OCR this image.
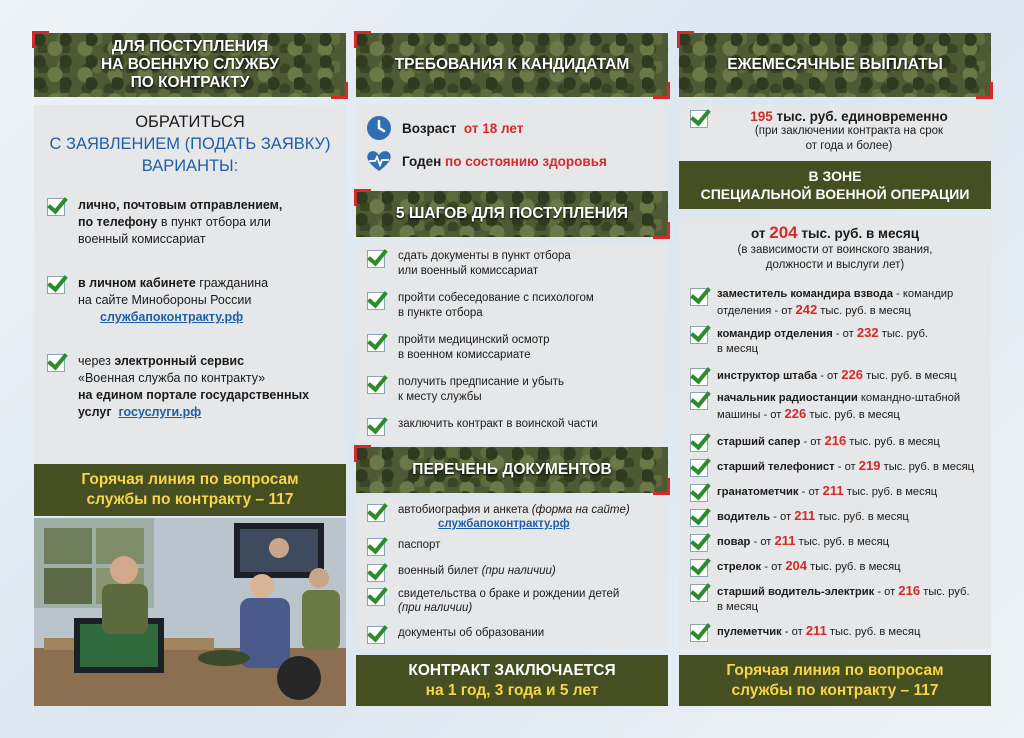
ДЛЯ ПОСТУПЛЕНИЯ
НА ВОЕННУЮ СЛУЖБУ
ПО КОНТРАКТУ
ОБРАТИТЬСЯ
С ЗАЯВЛЕНИЕМ (ПОДАТЬ ЗАЯВКУ)
ВАРИАНТЫ:
лично, почтовым отправлением,
по телефону в пункт отбора или
военный комиссариат
в личном кабинете гражданина
на сайте Минобороны России
службапоконтракту.рф
через электронный сервис
«Военная служба по контракту»
на едином портале государственных
услуг госуслуги.рф
Горячая линия по вопросам
службы по контракту – 117
ТРЕБОВАНИЯ К КАНДИДАТАМ
Возраст от 18 лет
Годен по состоянию здоровья
5 ШАГОВ ДЛЯ ПОСТУПЛЕНИЯ
сдать документы в пункт отбора
или военный комиссариат
пройти собеседование с психологом
в пункте отбора
пройти медицинский осмотр
в военном комиссариате
получить предписание и убыть
к месту службы
заключить контракт в воинской части
ПЕРЕЧЕНЬ ДОКУМЕНТОВ
автобиография и анкета (форма на сайте)
службапоконтракту.рф
паспорт
военный билет (при наличии)
свидетельства о браке и рождении детей
(при наличии)
документы об образовании
КОНТРАКТ ЗАКЛЮЧАЕТСЯ
на 1 год, 3 года и 5 лет
ЕЖЕМЕСЯЧНЫЕ ВЫПЛАТЫ
195 тыс. руб. единовременно
(при заключении контракта на срок
от года и более)
В ЗОНЕ
СПЕЦИАЛЬНОЙ ВОЕННОЙ ОПЕРАЦИИ
от 204 тыс. руб. в месяц
(в зависимости от воинского звания,
должности и выслуги лет)
заместитель командира взвода - командир
отделения - от 242 тыс. руб. в месяц
командир отделения - от 232 тыс. руб.
в месяц
инструктор штаба - от 226 тыс. руб. в месяц
начальник радиостанции командно-штабной
машины - от 226 тыс. руб. в месяц
старший сапер - от 216 тыс. руб. в месяц
старший телефонист - от 219 тыс. руб. в месяц
гранатометчик - от 211 тыс. руб. в месяц
водитель - от 211 тыс. руб. в месяц
повар - от 211 тыс. руб. в месяц
стрелок - от 204 тыс. руб. в месяц
старший водитель-электрик - от 216 тыс. руб.
в месяц
пулеметчик - от 211 тыс. руб. в месяц
Горячая линия по вопросам
службы по контракту – 117
